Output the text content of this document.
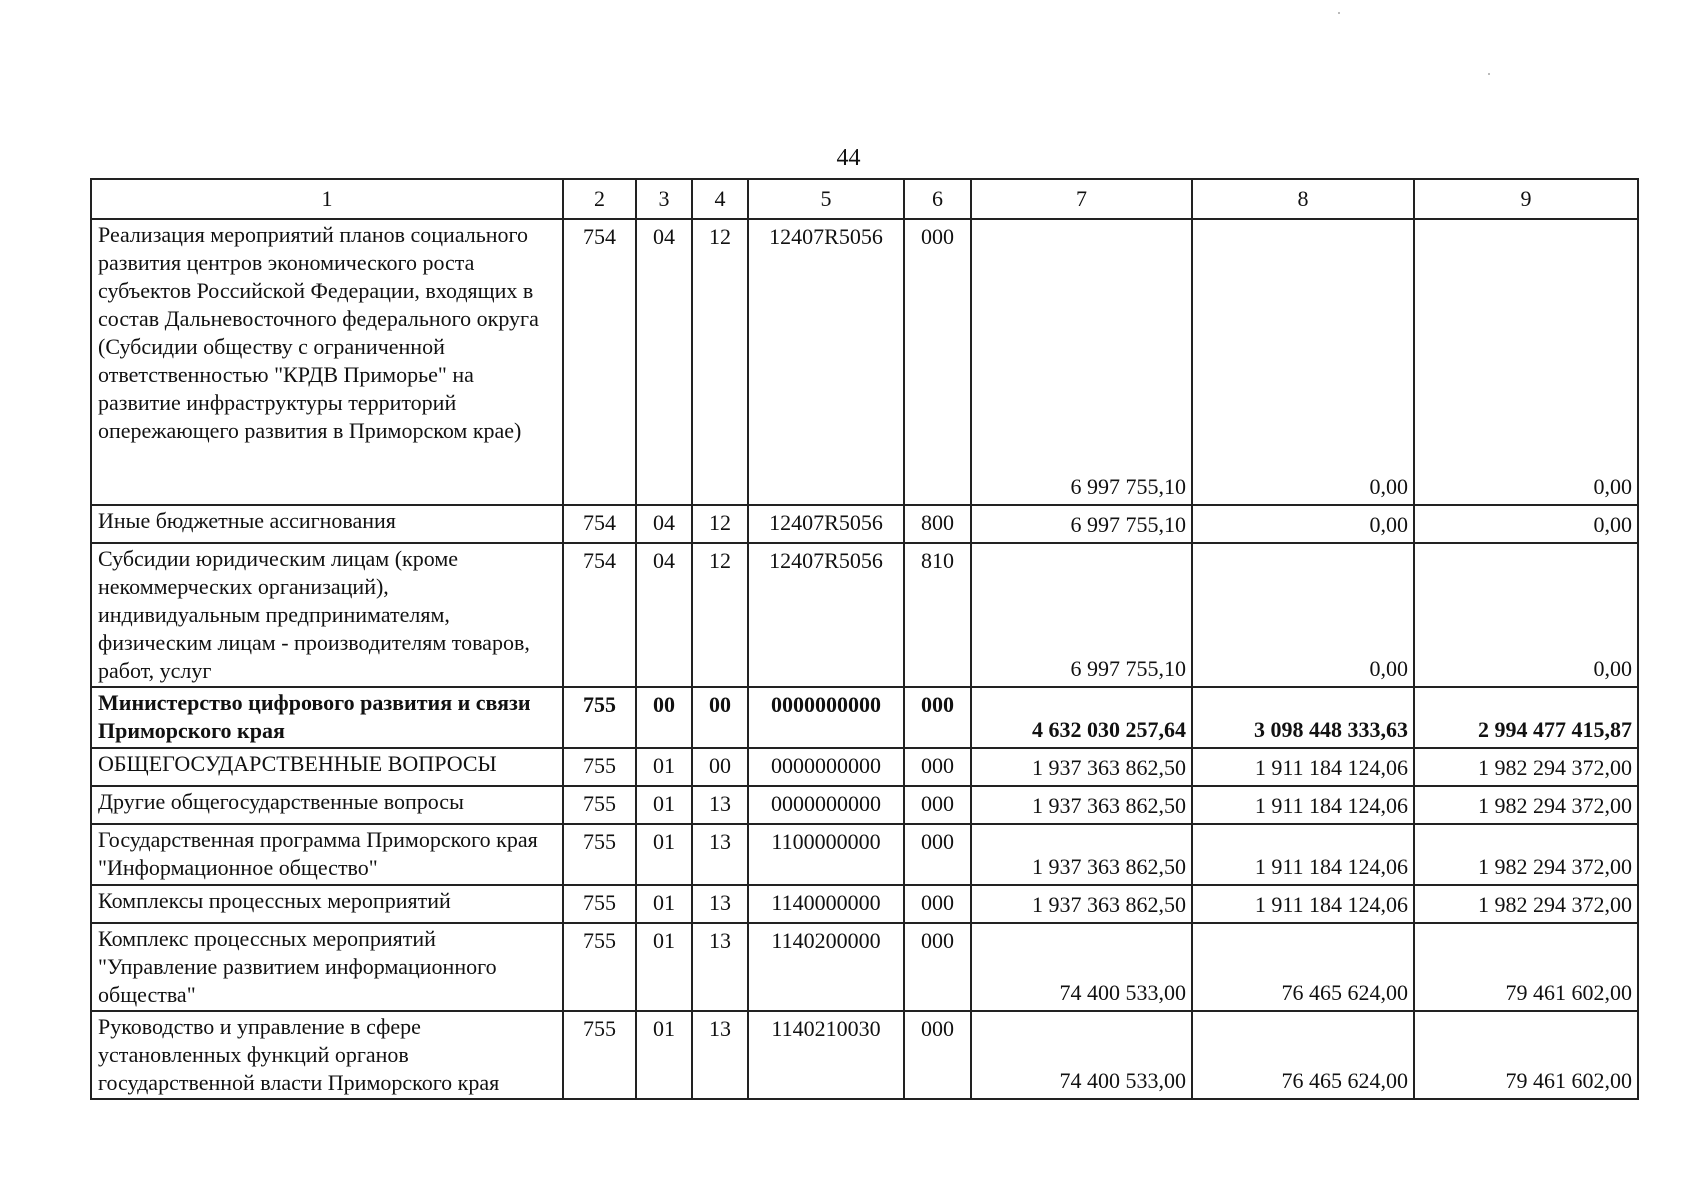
44
1	2	3	4	5	6	7	8	9
Реализация мероприятий планов социального развития центров экономического роста субъектов Российской Федерации, входящих в состав Дальневосточного федерального округа (Субсидии обществу с ограниченной ответственностью "КРДВ Приморье" на развитие инфраструктуры территорий опережающего развития в Приморском крае)	754	04	12	12407R5056	000	6 997 755,10	0,00	0,00
Иные бюджетные ассигнования	754	04	12	12407R5056	800	6 997 755,10	0,00	0,00
Субсидии юридическим лицам (кроме некоммерческих организаций), индивидуальным предпринимателям, физическим лицам - производителям товаров, работ, услуг	754	04	12	12407R5056	810	6 997 755,10	0,00	0,00
Министерство цифрового развития и связи Приморского края	755	00	00	0000000000	000	4 632 030 257,64	3 098 448 333,63	2 994 477 415,87
ОБЩЕГОСУДАРСТВЕННЫЕ ВОПРОСЫ	755	01	00	0000000000	000	1 937 363 862,50	1 911 184 124,06	1 982 294 372,00
Другие общегосударственные вопросы	755	01	13	0000000000	000	1 937 363 862,50	1 911 184 124,06	1 982 294 372,00
Государственная программа Приморского края "Информационное общество"	755	01	13	1100000000	000	1 937 363 862,50	1 911 184 124,06	1 982 294 372,00
Комплексы процессных мероприятий	755	01	13	1140000000	000	1 937 363 862,50	1 911 184 124,06	1 982 294 372,00
Комплекс процессных мероприятий "Управление развитием информационного общества"	755	01	13	1140200000	000	74 400 533,00	76 465 624,00	79 461 602,00
Руководство и управление в сфере установленных функций органов государственной власти Приморского края	755	01	13	1140210030	000	74 400 533,00	76 465 624,00	79 461 602,00
